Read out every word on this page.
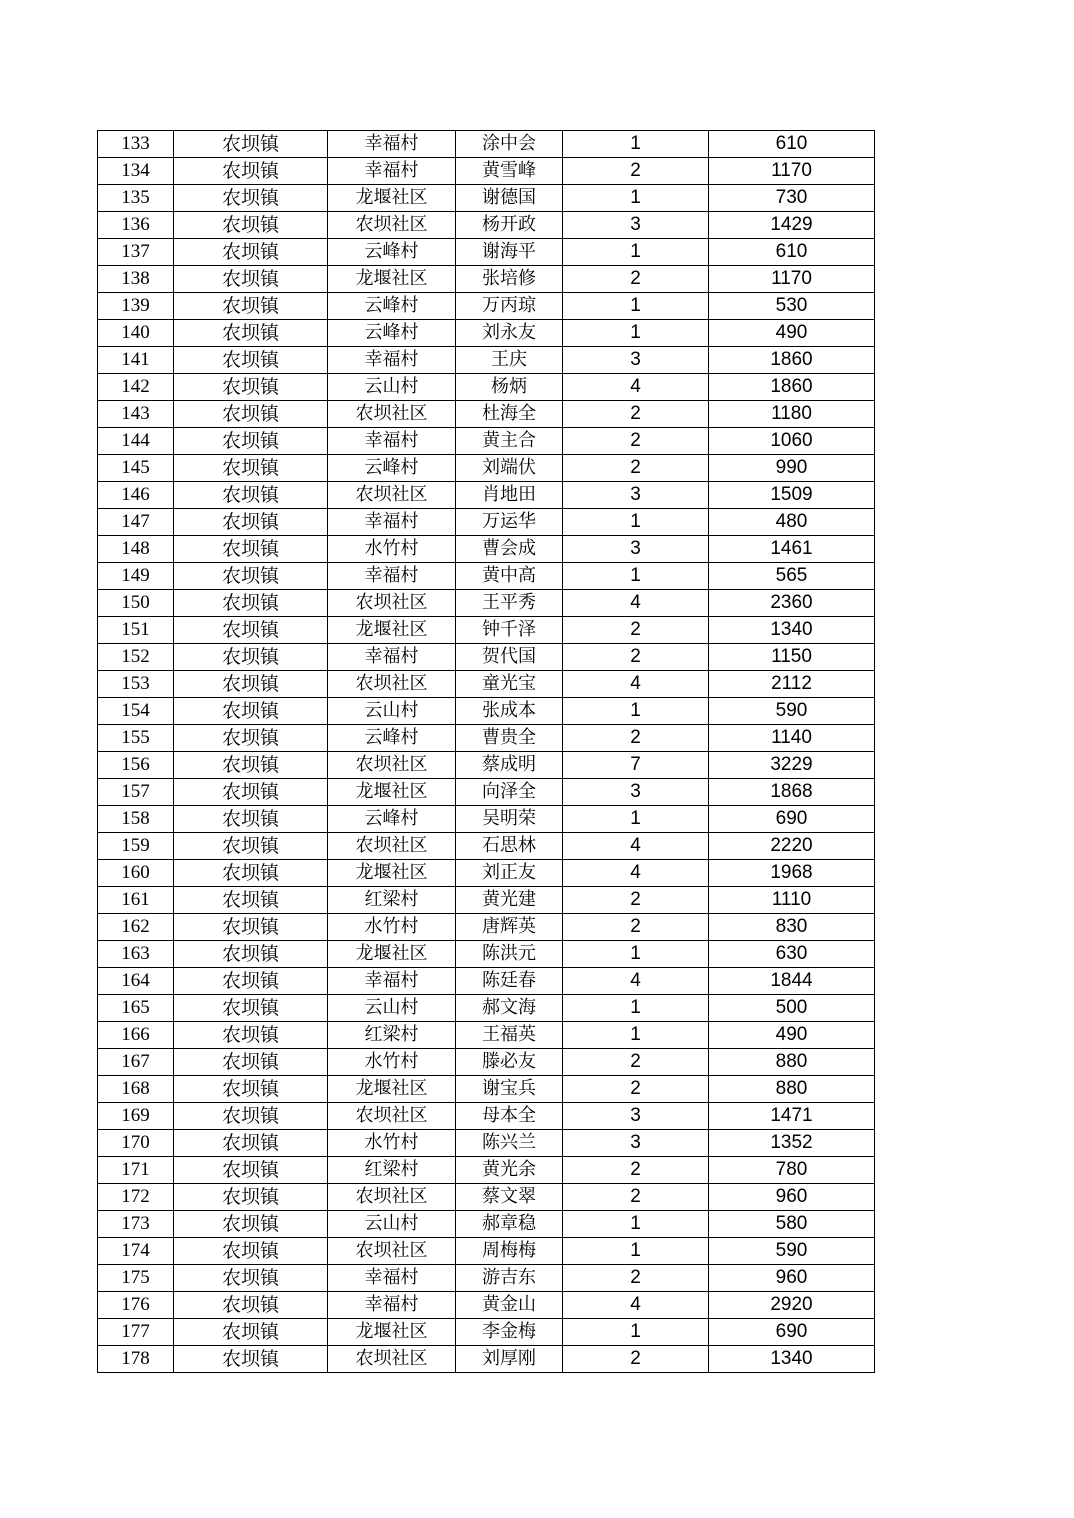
133	农坝镇	幸福村	涂中会	1	610
134	农坝镇	幸福村	黄雪峰	2	1170
135	农坝镇	龙堰社区	谢德国	1	730
136	农坝镇	农坝社区	杨开政	3	1429
137	农坝镇	云峰村	谢海平	1	610
138	农坝镇	龙堰社区	张培修	2	1170
139	农坝镇	云峰村	万丙琼	1	530
140	农坝镇	云峰村	刘永友	1	490
141	农坝镇	幸福村	王庆	3	1860
142	农坝镇	云山村	杨炳	4	1860
143	农坝镇	农坝社区	杜海全	2	1180
144	农坝镇	幸福村	黄主合	2	1060
145	农坝镇	云峰村	刘端伏	2	990
146	农坝镇	农坝社区	肖地田	3	1509
147	农坝镇	幸福村	万运华	1	480
148	农坝镇	水竹村	曹会成	3	1461
149	农坝镇	幸福村	黄中高	1	565
150	农坝镇	农坝社区	王平秀	4	2360
151	农坝镇	龙堰社区	钟千泽	2	1340
152	农坝镇	幸福村	贺代国	2	1150
153	农坝镇	农坝社区	童光宝	4	2112
154	农坝镇	云山村	张成本	1	590
155	农坝镇	云峰村	曹贵全	2	1140
156	农坝镇	农坝社区	蔡成明	7	3229
157	农坝镇	龙堰社区	向泽全	3	1868
158	农坝镇	云峰村	吴明荣	1	690
159	农坝镇	农坝社区	石思林	4	2220
160	农坝镇	龙堰社区	刘正友	4	1968
161	农坝镇	红梁村	黄光建	2	1110
162	农坝镇	水竹村	唐辉英	2	830
163	农坝镇	龙堰社区	陈洪元	1	630
164	农坝镇	幸福村	陈廷春	4	1844
165	农坝镇	云山村	郝文海	1	500
166	农坝镇	红梁村	王福英	1	490
167	农坝镇	水竹村	滕必友	2	880
168	农坝镇	龙堰社区	谢宝兵	2	880
169	农坝镇	农坝社区	母本全	3	1471
170	农坝镇	水竹村	陈兴兰	3	1352
171	农坝镇	红梁村	黄光余	2	780
172	农坝镇	农坝社区	蔡文翠	2	960
173	农坝镇	云山村	郝章稳	1	580
174	农坝镇	农坝社区	周梅梅	1	590
175	农坝镇	幸福村	游吉东	2	960
176	农坝镇	幸福村	黄金山	4	2920
177	农坝镇	龙堰社区	李金梅	1	690
178	农坝镇	农坝社区	刘厚刚	2	1340
